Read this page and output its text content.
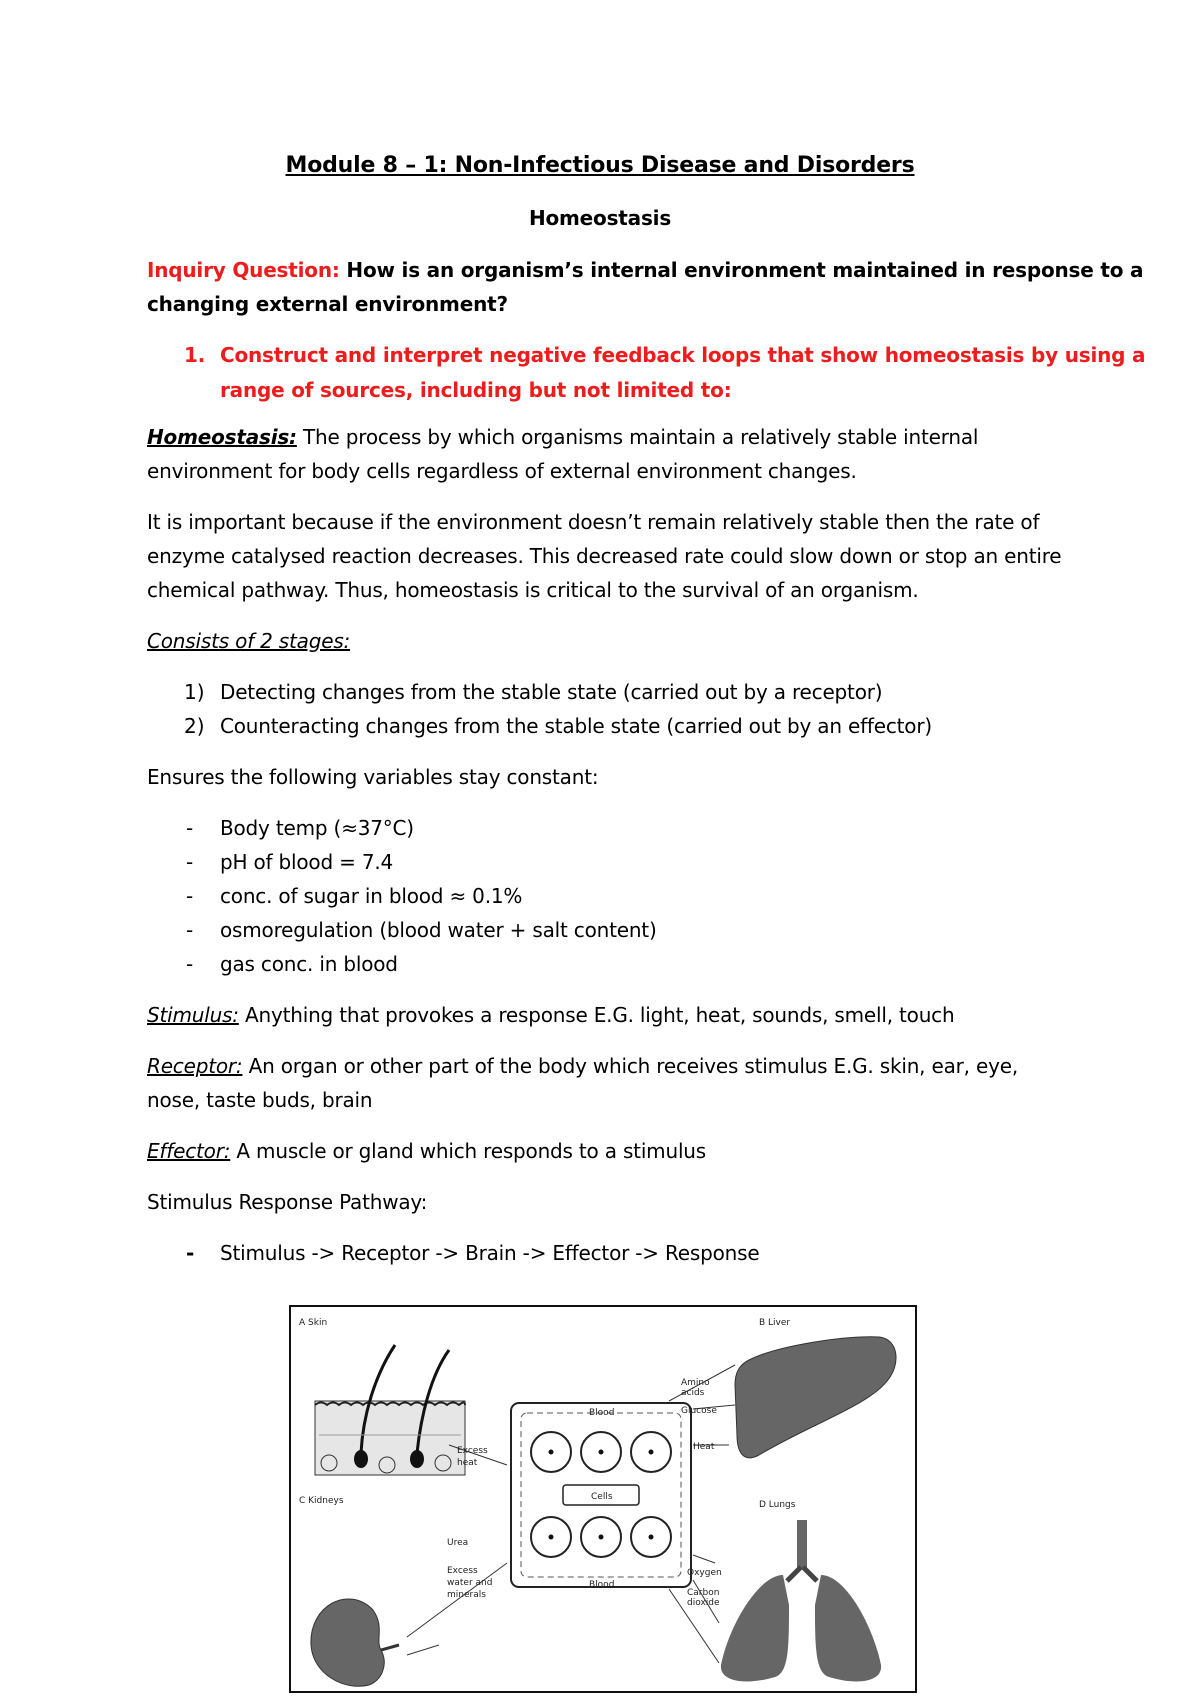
Module 8 – 1: Non-Infectious Disease and Disorders
Homeostasis
Inquiry Question: How is an organism’s internal environment maintained in response to a
changing external environment?
1. Construct and interpret negative feedback loops that show homeostasis by using a
range of sources, including but not limited to:
Homeostasis: The process by which organisms maintain a relatively stable internal
environment for body cells regardless of external environment changes.
It is important because if the environment doesn’t remain relatively stable then the rate of
enzyme catalysed reaction decreases. This decreased rate could slow down or stop an entire
chemical pathway. Thus, homeostasis is critical to the survival of an organism.
Consists of 2 stages:
1) Detecting changes from the stable state (carried out by a receptor)
2) Counteracting changes from the stable state (carried out by an effector)
Ensures the following variables stay constant:
- Body temp (≈37°C)
- pH of blood = 7.4
- conc. of sugar in blood ≈ 0.1%
- osmoregulation (blood water + salt content)
- gas conc. in blood
Stimulus: Anything that provokes a response E.G. light, heat, sounds, smell, touch
Receptor: An organ or other part of the body which receives stimulus E.G. skin, ear, eye,
nose, taste buds, brain
Effector: A muscle or gland which responds to a stimulus
Stimulus Response Pathway:
- Stimulus -> Receptor -> Brain -> Effector -> Response
A Skin	B Liver
C Kidneys	D Lungs
Blood
Blood
Cells
Excess
heat
Urea
Excess
water and
minerals
Amino
acids
Glucose
Heat
Oxygen
Carbon
dioxide
